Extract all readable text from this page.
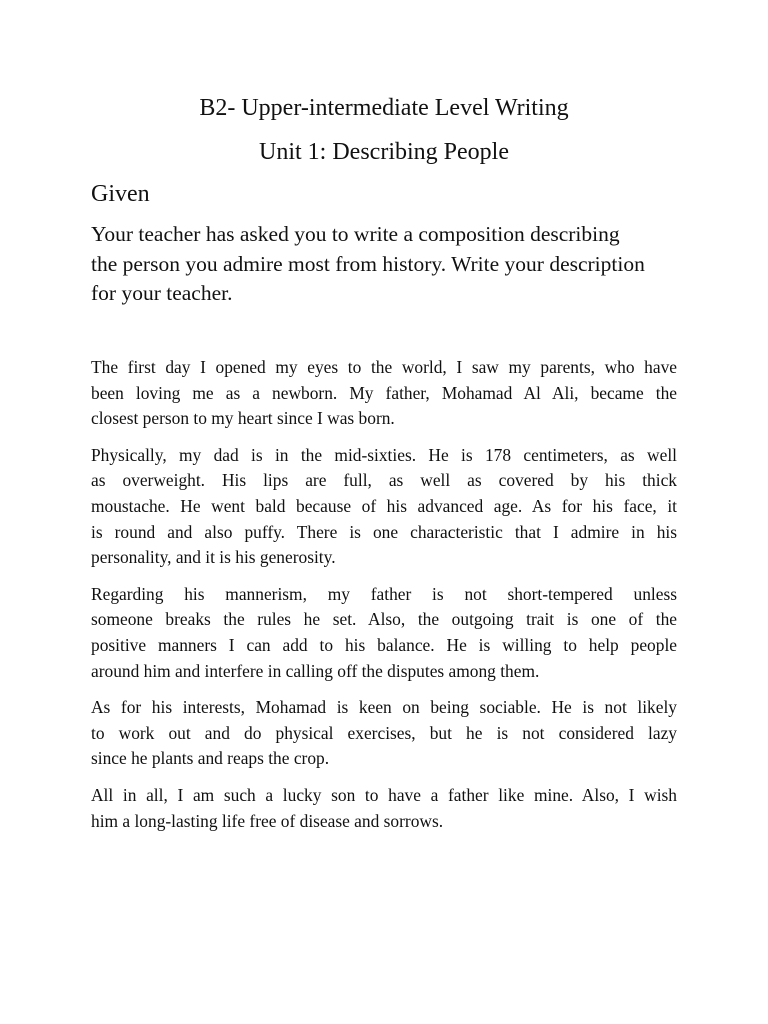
B2- Upper-intermediate Level Writing
Unit 1: Describing People
Given

Your teacher has asked you to write a composition describing
the person you admire most from history. Write your description
for your teacher.

The first day I opened my eyes to the world, I saw my parents, who have
been loving me as a newborn. My father, Mohamad Al Ali, became the
closest person to my heart since I was born.

Physically, my dad is in the mid-sixties. He is 178 centimeters, as well
as overweight. His lips are full, as well as covered by his thick
moustache. He went bald because of his advanced age. As for his face, it
is round and also puffy. There is one characteristic that I admire in his
personality, and it is his generosity.

Regarding his mannerism, my father is not short-tempered unless
someone breaks the rules he set. Also, the outgoing trait is one of the
positive manners I can add to his balance. He is willing to help people
around him and interfere in calling off the disputes among them.

As for his interests, Mohamad is keen on being sociable. He is not likely
to work out and do physical exercises, but he is not considered lazy
since he plants and reaps the crop.

All in all, I am such a lucky son to have a father like mine. Also, I wish
him a long-lasting life free of disease and sorrows.
